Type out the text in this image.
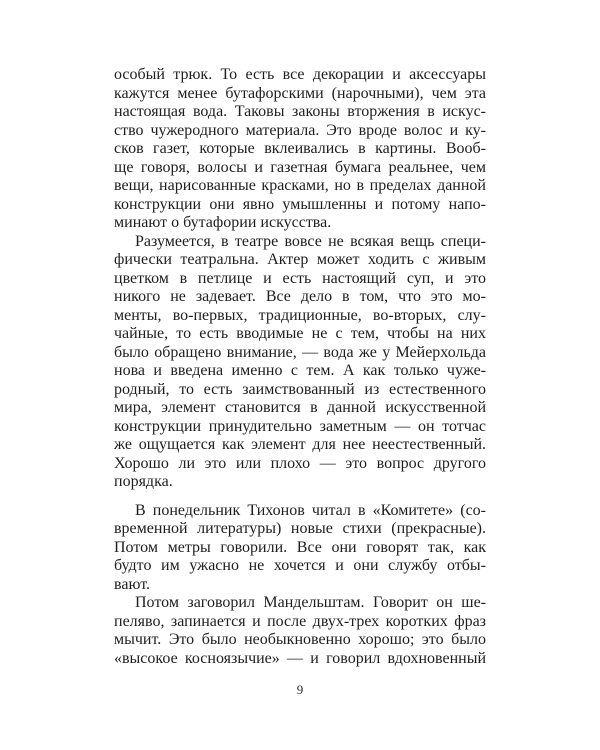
особый трюк. То есть все декорации и аксессуары
кажутся менее бутафорскими (нарочными), чем эта
настоящая вода. Таковы законы вторжения в искус-
ство чужеродного материала. Это вроде волос и ку-
сков газет, которые вклеивались в картины. Вооб-
ще говоря, волосы и газетная бумага реальнее, чем
вещи, нарисованные красками, но в пределах данной
конструкции они явно умышленны и потому напо-
минают о бутафории искусства.
Разумеется, в театре вовсе не всякая вещь специ-
фически театральна. Актер может ходить с живым
цветком в петлице и есть настоящий суп, и это
никого не задевает. Все дело в том, что это мо-
менты, во-первых, традиционные, во-вторых, слу-
чайные, то есть вводимые не с тем, чтобы на них
было обращено внимание, — вода же у Мейерхольда
нова и введена именно с тем. А как только чуже-
родный, то есть заимствованный из естественного
мира, элемент становится в данной искусственной
конструкции принудительно заметным — он тотчас
же ощущается как элемент для нее неестественный.
Хорошо ли это или плохо — это вопрос другого
порядка.
В понедельник Тихонов читал в «Комитете» (со-
временной литературы) новые стихи (прекрасные).
Потом метры говорили. Все они говорят так, как
будто им ужасно не хочется и они службу отбы-
вают.
Потом заговорил Мандельштам. Говорит он ше-
пеляво, запинается и после двух-трех коротких фраз
мычит. Это было необыкновенно хорошо; это было
«высокое косноязычие» — и говорил вдохновенный
9
